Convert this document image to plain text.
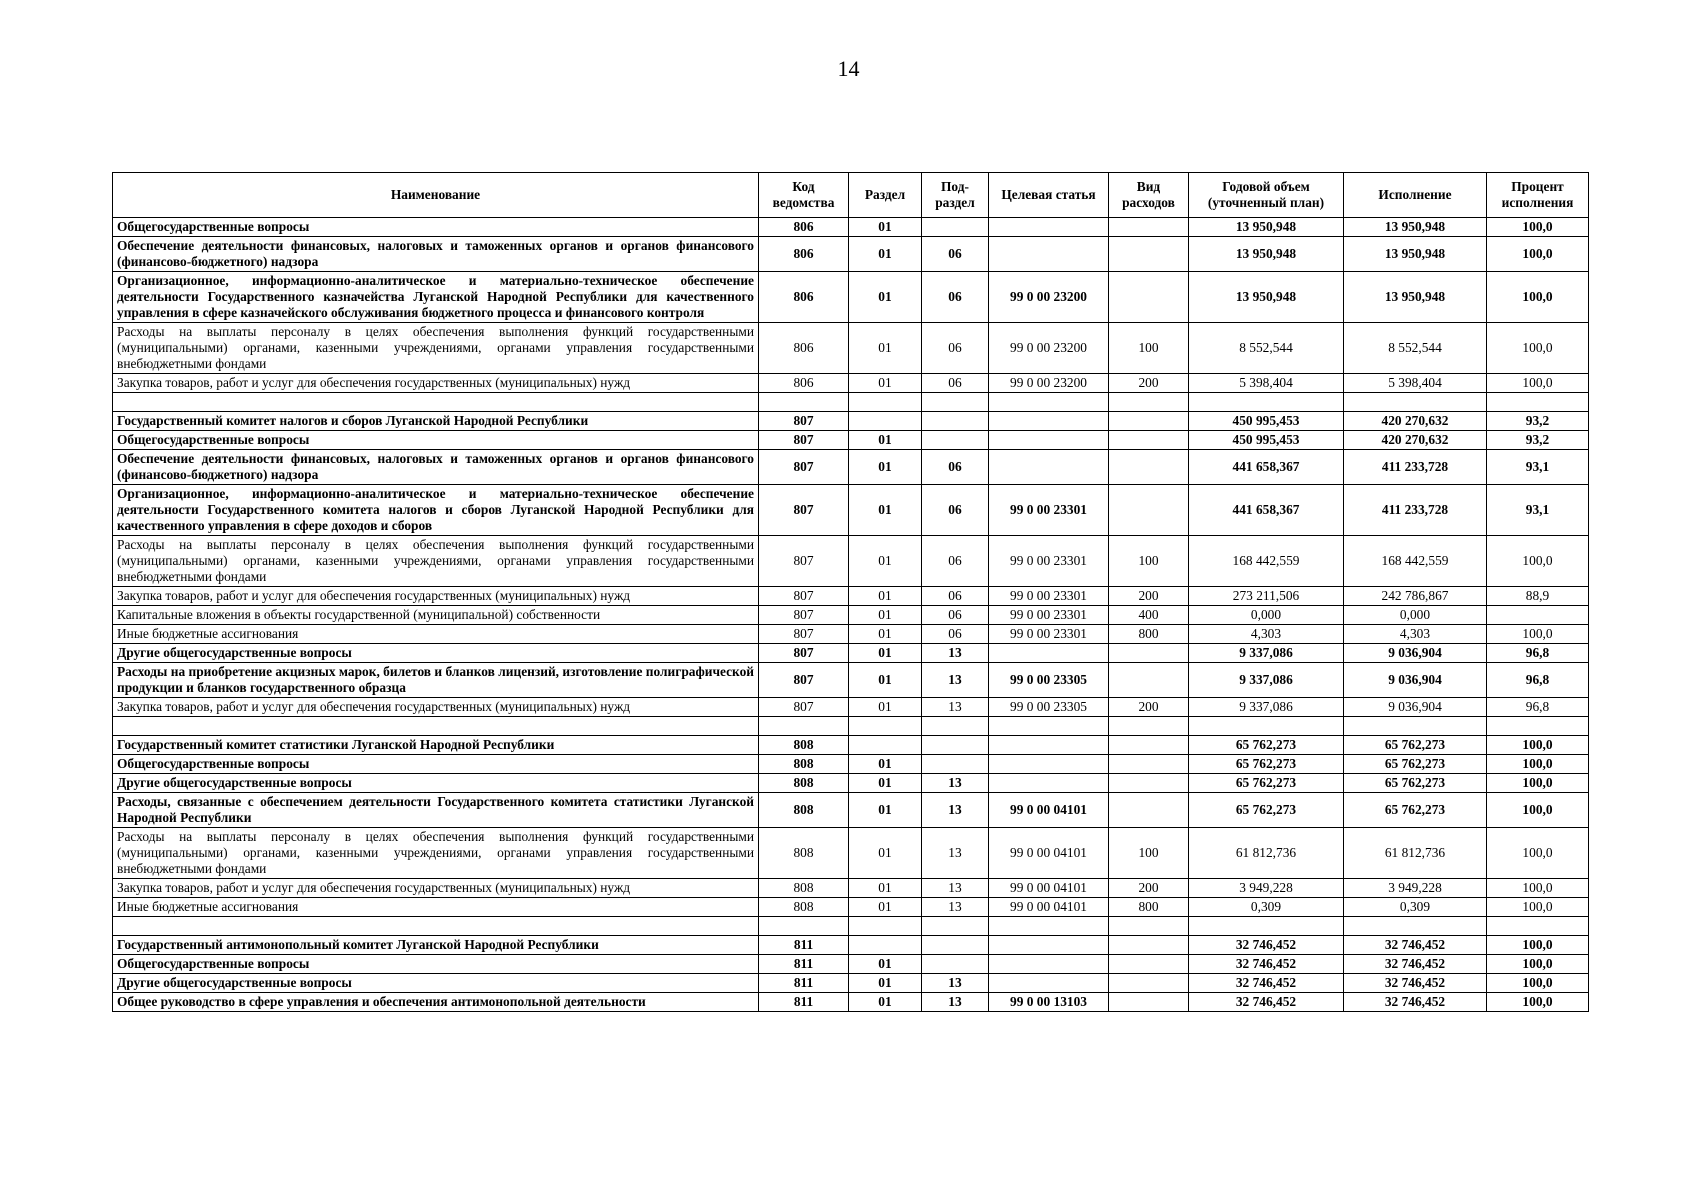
14
Наименование	Код ведомства	Раздел	Под-раздел	Целевая статья	Вид расходов	Годовой объем (уточненный план)	Исполнение	Процент исполнения
Общегосударственные вопросы	806	01				13 950,948	13 950,948	100,0
Обеспечение деятельности финансовых, налоговых и таможенных органов и органов финансового (финансово-бюджетного) надзора	806	01	06			13 950,948	13 950,948	100,0
Организационное, информационно-аналитическое и материально-техническое обеспечение деятельности Государственного казначейства Луганской Народной Республики для качественного управления в сфере казначейского обслуживания бюджетного процесса и финансового контроля	806	01	06	99 0 00 23200		13 950,948	13 950,948	100,0
Расходы на выплаты персоналу в целях обеспечения выполнения функций государственными (муниципальными) органами, казенными учреждениями, органами управления государственными внебюджетными фондами	806	01	06	99 0 00 23200	100	8 552,544	8 552,544	100,0
Закупка товаров, работ и услуг для обеспечения государственных (муниципальных) нужд	806	01	06	99 0 00 23200	200	5 398,404	5 398,404	100,0

Государственный комитет налогов и сборов Луганской Народной Республики	807					450 995,453	420 270,632	93,2
Общегосударственные вопросы	807	01				450 995,453	420 270,632	93,2
Обеспечение деятельности финансовых, налоговых и таможенных органов и органов финансового (финансово-бюджетного) надзора	807	01	06			441 658,367	411 233,728	93,1
Организационное, информационно-аналитическое и материально-техническое обеспечение деятельности Государственного комитета налогов и сборов Луганской Народной Республики для качественного управления в сфере доходов и сборов	807	01	06	99 0 00 23301		441 658,367	411 233,728	93,1
Расходы на выплаты персоналу в целях обеспечения выполнения функций государственными (муниципальными) органами, казенными учреждениями, органами управления государственными внебюджетными фондами	807	01	06	99 0 00 23301	100	168 442,559	168 442,559	100,0
Закупка товаров, работ и услуг для обеспечения государственных (муниципальных) нужд	807	01	06	99 0 00 23301	200	273 211,506	242 786,867	88,9
Капитальные вложения в объекты государственной (муниципальной) собственности	807	01	06	99 0 00 23301	400	0,000	0,000	
Иные бюджетные ассигнования	807	01	06	99 0 00 23301	800	4,303	4,303	100,0
Другие общегосударственные вопросы	807	01	13			9 337,086	9 036,904	96,8
Расходы на приобретение акцизных марок, билетов и бланков лицензий, изготовление полиграфической продукции и бланков государственного образца	807	01	13	99 0 00 23305		9 337,086	9 036,904	96,8
Закупка товаров, работ и услуг для обеспечения государственных (муниципальных) нужд	807	01	13	99 0 00 23305	200	9 337,086	9 036,904	96,8

Государственный комитет статистики Луганской Народной Республики	808					65 762,273	65 762,273	100,0
Общегосударственные вопросы	808	01				65 762,273	65 762,273	100,0
Другие общегосударственные вопросы	808	01	13			65 762,273	65 762,273	100,0
Расходы, связанные с обеспечением деятельности Государственного комитета статистики Луганской Народной Республики	808	01	13	99 0 00 04101		65 762,273	65 762,273	100,0
Расходы на выплаты персоналу в целях обеспечения выполнения функций государственными (муниципальными) органами, казенными учреждениями, органами управления государственными внебюджетными фондами	808	01	13	99 0 00 04101	100	61 812,736	61 812,736	100,0
Закупка товаров, работ и услуг для обеспечения государственных (муниципальных) нужд	808	01	13	99 0 00 04101	200	3 949,228	3 949,228	100,0
Иные бюджетные ассигнования	808	01	13	99 0 00 04101	800	0,309	0,309	100,0

Государственный антимонопольный комитет Луганской Народной Республики	811					32 746,452	32 746,452	100,0
Общегосударственные вопросы	811	01				32 746,452	32 746,452	100,0
Другие общегосударственные вопросы	811	01	13			32 746,452	32 746,452	100,0
Общее руководство в сфере управления и обеспечения антимонопольной деятельности	811	01	13	99 0 00 13103		32 746,452	32 746,452	100,0
